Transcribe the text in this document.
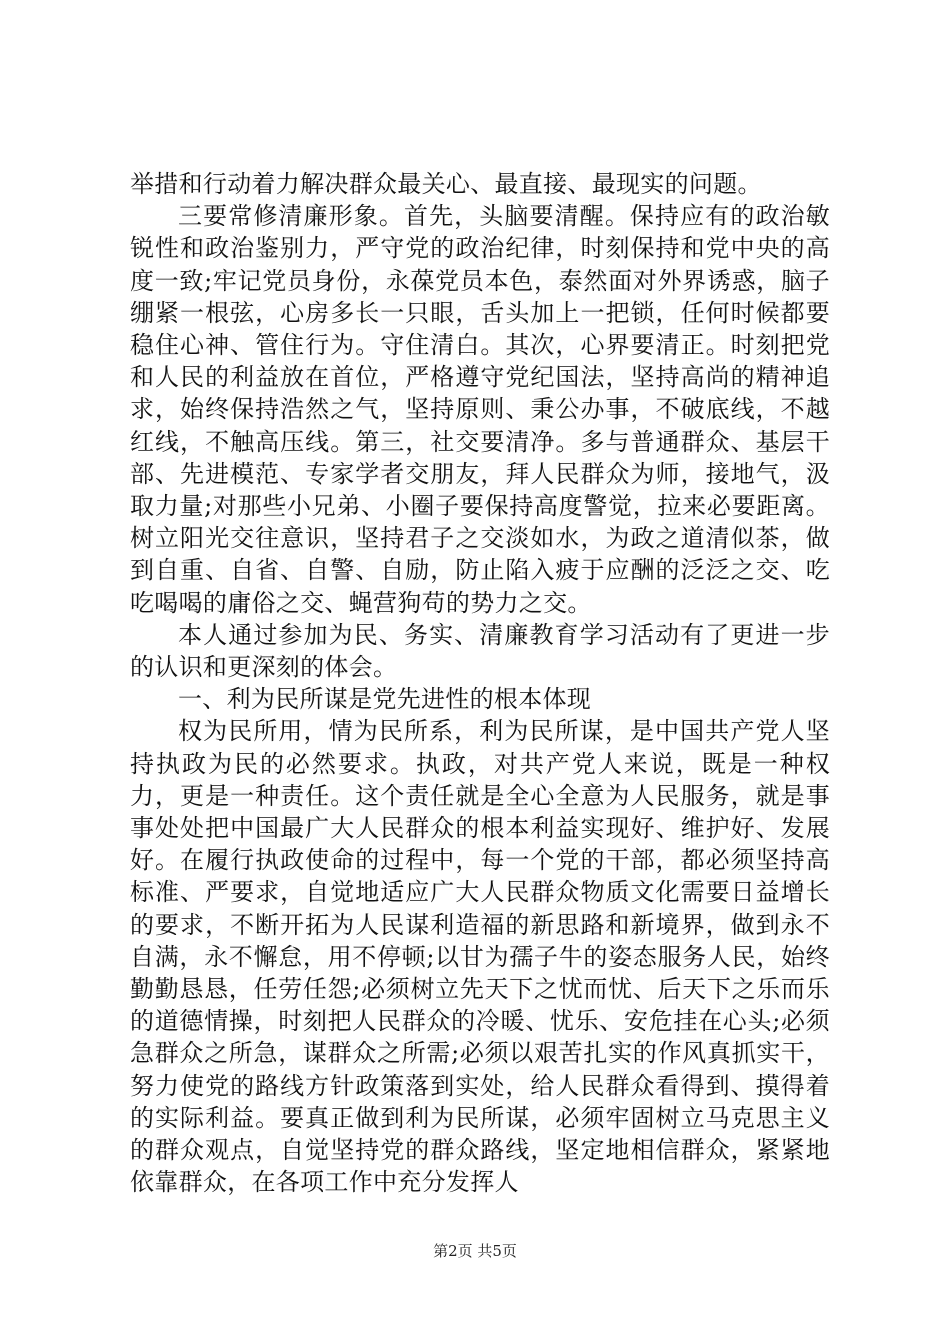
举措和行动着力解决群众最关心、最直接、最现实的问题。

三要常修清廉形象。首先，头脑要清醒。保持应有的政治敏锐性和政治鉴别力，严守党的政治纪律，时刻保持和党中央的高度一致;牢记党员身份，永葆党员本色，泰然面对外界诱惑，脑子绷紧一根弦，心房多长一只眼，舌头加上一把锁，任何时候都要稳住心神、管住行为。守住清白。其次，心界要清正。时刻把党和人民的利益放在首位，严格遵守党纪国法，坚持高尚的精神追求，始终保持浩然之气，坚持原则、秉公办事，不破底线，不越红线，不触高压线。第三，社交要清净。多与普通群众、基层干部、先进模范、专家学者交朋友，拜人民群众为师，接地气，汲取力量;对那些小兄弟、小圈子要保持高度警觉，拉来必要距离。树立阳光交往意识，坚持君子之交淡如水，为政之道清似茶，做到自重、自省、自警、自励，防止陷入疲于应酬的泛泛之交、吃吃喝喝的庸俗之交、蝇营狗苟的势力之交。

本人通过参加为民、务实、清廉教育学习活动有了更进一步的认识和更深刻的体会。

一、利为民所谋是党先进性的根本体现

权为民所用，情为民所系，利为民所谋，是中国共产党人坚持执政为民的必然要求。执政，对共产党人来说，既是一种权力，更是一种责任。这个责任就是全心全意为人民服务，就是事事处处把中国最广大人民群众的根本利益实现好、维护好、发展好。在履行执政使命的过程中，每一个党的干部，都必须坚持高标准、严要求，自觉地适应广大人民群众物质文化需要日益增长的要求，不断开拓为人民谋利造福的新思路和新境界，做到永不自满，永不懈怠，用不停顿;以甘为孺子牛的姿态服务人民，始终勤勤恳恳，任劳任怨;必须树立先天下之忧而忧、后天下之乐而乐的道德情操，时刻把人民群众的冷暖、忧乐、安危挂在心头;必须急群众之所急，谋群众之所需;必须以艰苦扎实的作风真抓实干，努力使党的路线方针政策落到实处，给人民群众看得到、摸得着的实际利益。要真正做到利为民所谋，必须牢固树立马克思主义的群众观点，自觉坚持党的群众路线，坚定地相信群众，紧紧地依靠群众，在各项工作中充分发挥人

第2页 共5页
